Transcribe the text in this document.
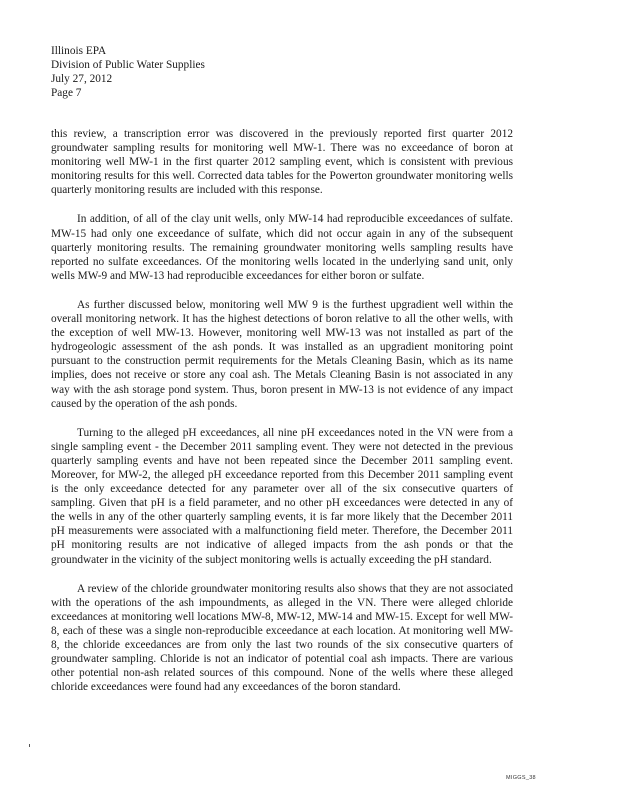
Illinois EPA
Division of Public Water Supplies
July 27, 2012
Page 7

this review, a transcription error was discovered in the previously reported first quarter 2012 groundwater sampling results for monitoring well MW-1. There was no exceedance of boron at monitoring well MW-1 in the first quarter 2012 sampling event, which is consistent with previous monitoring results for this well. Corrected data tables for the Powerton groundwater monitoring wells quarterly monitoring results are included with this response.

In addition, of all of the clay unit wells, only MW-14 had reproducible exceedances of sulfate. MW-15 had only one exceedance of sulfate, which did not occur again in any of the subsequent quarterly monitoring results. The remaining groundwater monitoring wells sampling results have reported no sulfate exceedances. Of the monitoring wells located in the underlying sand unit, only wells MW-9 and MW-13 had reproducible exceedances for either boron or sulfate.

As further discussed below, monitoring well MW 9 is the furthest upgradient well within the overall monitoring network. It has the highest detections of boron relative to all the other wells, with the exception of well MW-13. However, monitoring well MW-13 was not installed as part of the hydrogeologic assessment of the ash ponds. It was installed as an upgradient monitoring point pursuant to the construction permit requirements for the Metals Cleaning Basin, which as its name implies, does not receive or store any coal ash. The Metals Cleaning Basin is not associated in any way with the ash storage pond system. Thus, boron present in MW-13 is not evidence of any impact caused by the operation of the ash ponds.

Turning to the alleged pH exceedances, all nine pH exceedances noted in the VN were from a single sampling event - the December 2011 sampling event. They were not detected in the previous quarterly sampling events and have not been repeated since the December 2011 sampling event. Moreover, for MW-2, the alleged pH exceedance reported from this December 2011 sampling event is the only exceedance detected for any parameter over all of the six consecutive quarters of sampling. Given that pH is a field parameter, and no other pH exceedances were detected in any of the wells in any of the other quarterly sampling events, it is far more likely that the December 2011 pH measurements were associated with a malfunctioning field meter. Therefore, the December 2011 pH monitoring results are not indicative of alleged impacts from the ash ponds or that the groundwater in the vicinity of the subject monitoring wells is actually exceeding the pH standard.

A review of the chloride groundwater monitoring results also shows that they are not associated with the operations of the ash impoundments, as alleged in the VN. There were alleged chloride exceedances at monitoring well locations MW-8, MW-12, MW-14 and MW-15. Except for well MW-8, each of these was a single non-reproducible exceedance at each location. At monitoring well MW-8, the chloride exceedances are from only the last two rounds of the six consecutive quarters of groundwater sampling. Chloride is not an indicator of potential coal ash impacts. There are various other potential non-ash related sources of this compound. None of the wells where these alleged chloride exceedances were found had any exceedances of the boron standard.

MIGGS_38
